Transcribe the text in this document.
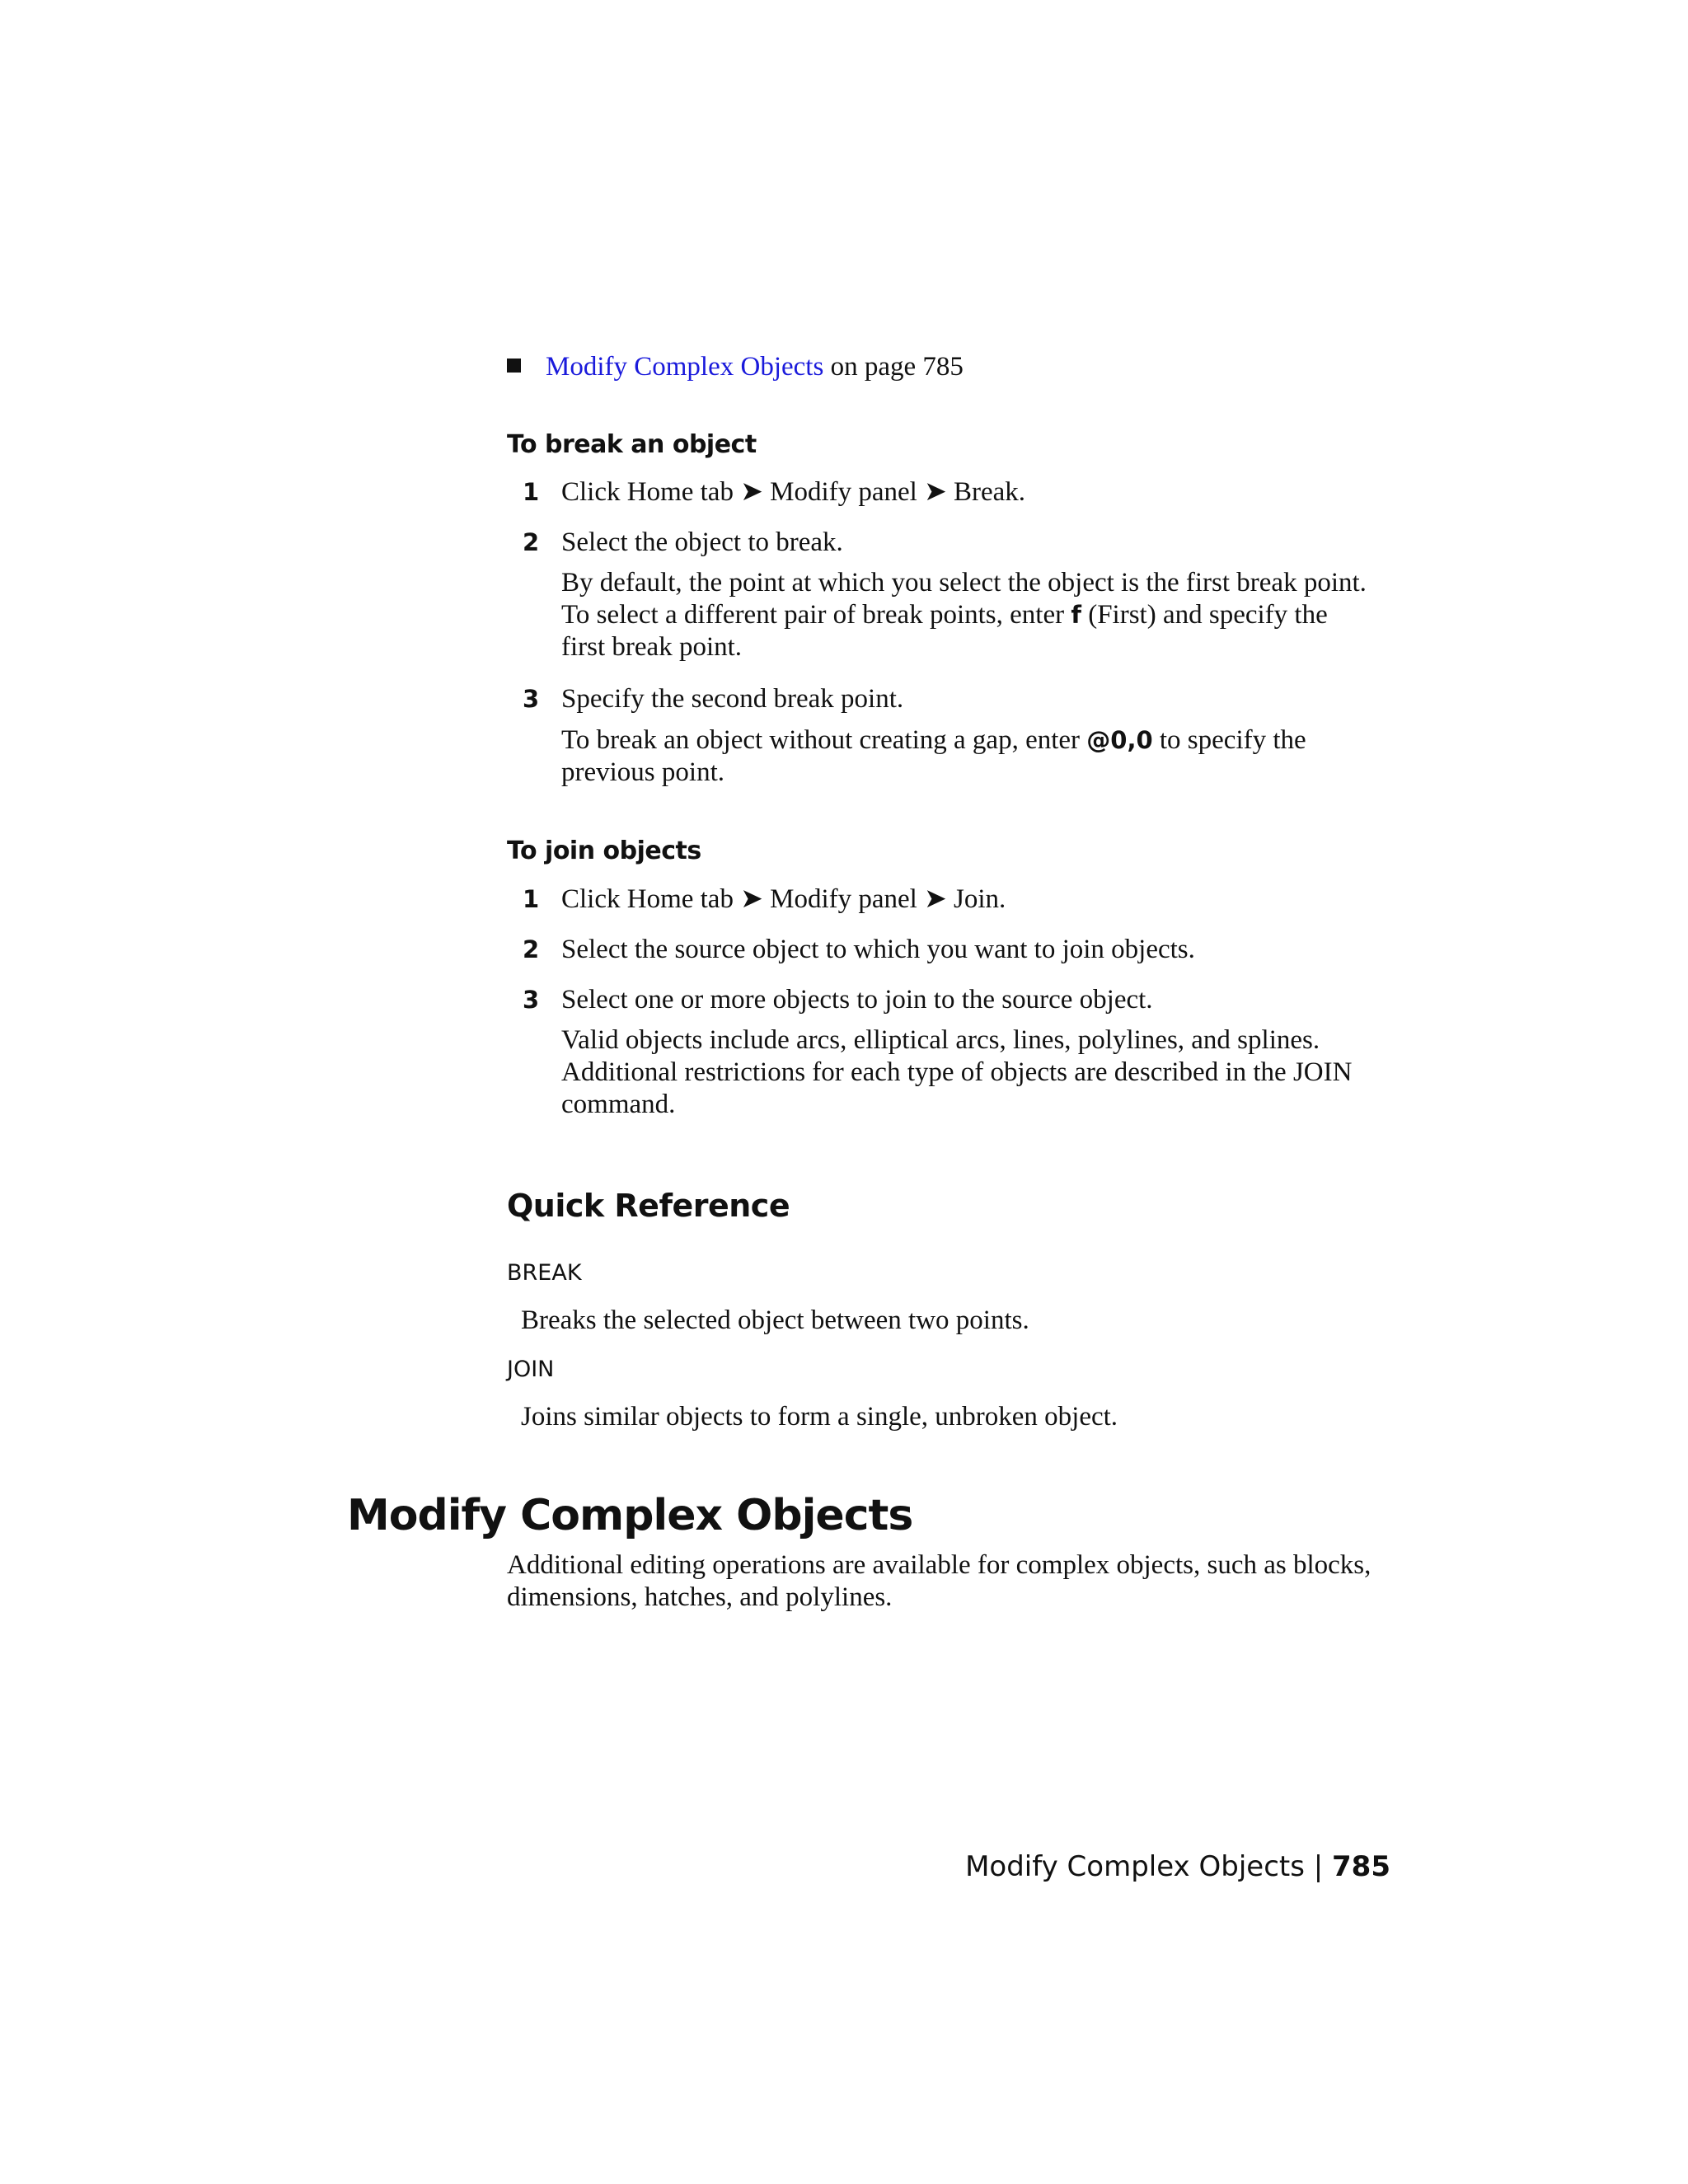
Modify Complex Objects on page 785
To break an object
1 Click Home tab ➤ Modify panel ➤ Break.
2 Select the object to break.
By default, the point at which you select the object is the first break point.
To select a different pair of break points, enter f (First) and specify the
first break point.
3 Specify the second break point.
To break an object without creating a gap, enter @0,0 to specify the
previous point.
To join objects
1 Click Home tab ➤ Modify panel ➤ Join.
2 Select the source object to which you want to join objects.
3 Select one or more objects to join to the source object.
Valid objects include arcs, elliptical arcs, lines, polylines, and splines.
Additional restrictions for each type of objects are described in the JOIN
command.
Quick Reference
BREAK
Breaks the selected object between two points.
JOIN
Joins similar objects to form a single, unbroken object.
Modify Complex Objects
Additional editing operations are available for complex objects, such as blocks,
dimensions, hatches, and polylines.
Modify Complex Objects | 785
